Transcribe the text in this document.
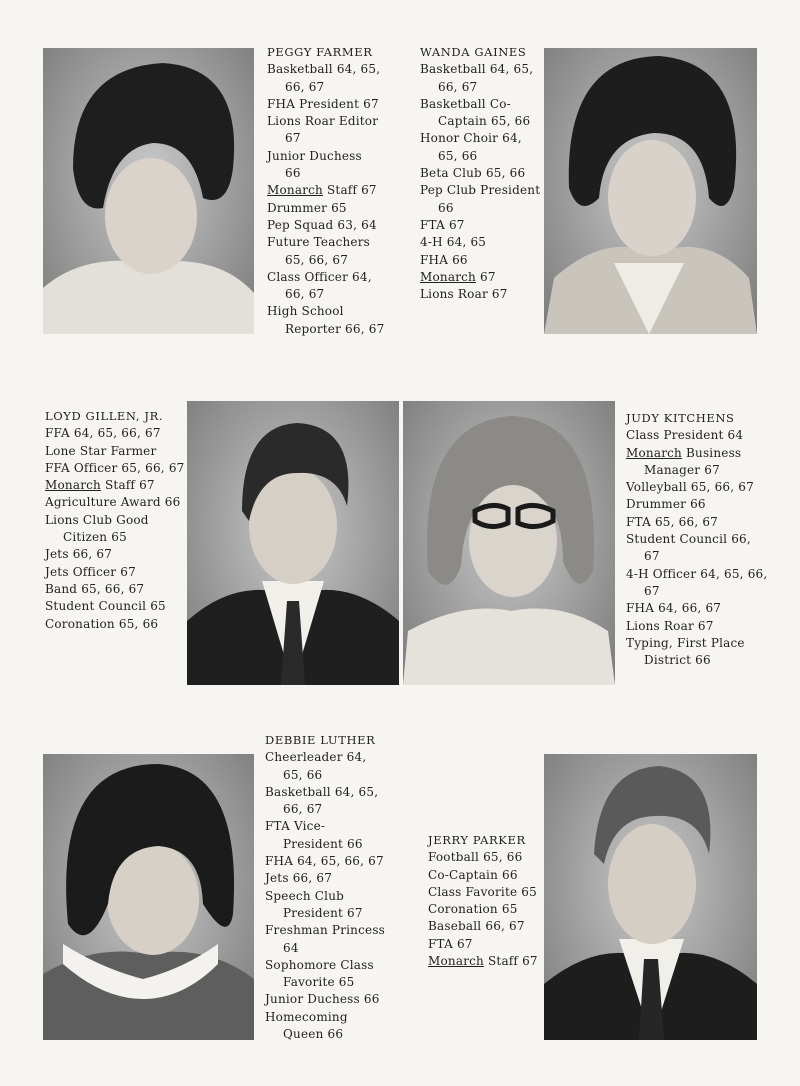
PEGGY FARMER
Basketball 64, 65,
66, 67
FHA President 67
Lions Roar Editor
67
Junior Duchess
66
Monarch Staff 67
Drummer 65
Pep Squad 63, 64
Future Teachers
65, 66, 67
Class Officer 64,
66, 67
High School
Reporter 66, 67
WANDA GAINES
Basketball 64, 65,
66, 67
Basketball Co-
Captain 65, 66
Honor Choir 64,
65, 66
Beta Club 65, 66
Pep Club President
66
FTA 67
4-H 64, 65
FHA 66
Monarch 67
Lions Roar 67
LOYD GILLEN, JR.
FFA 64, 65, 66, 67
Lone Star Farmer
FFA Officer 65, 66, 67
Monarch Staff 67
Agriculture Award 66
Lions Club Good
Citizen 65
Jets 66, 67
Jets Officer 67
Band 65, 66, 67
Student Council 65
Coronation 65, 66
JUDY KITCHENS
Class President 64
Monarch Business
Manager 67
Volleyball 65, 66, 67
Drummer 66
FTA 65, 66, 67
Student Council 66,
67
4-H Officer 64, 65, 66,
67
FHA 64, 66, 67
Lions Roar 67
Typing, First Place
District 66
DEBBIE LUTHER
Cheerleader 64,
65, 66
Basketball 64, 65,
66, 67
FTA Vice-
President 66
FHA 64, 65, 66, 67
Jets 66, 67
Speech Club
President 67
Freshman Princess
64
Sophomore Class
Favorite 65
Junior Duchess 66
Homecoming
Queen 66
JERRY PARKER
Football 65, 66
Co-Captain 66
Class Favorite 65
Coronation 65
Baseball 66, 67
FTA 67
Monarch Staff 67
